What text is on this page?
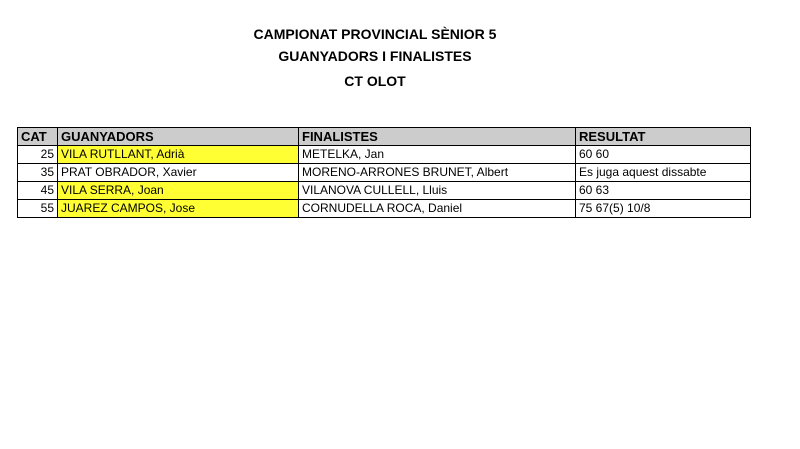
CAMPIONAT PROVINCIAL SÈNIOR 5
GUANYADORS I FINALISTES
CT OLOT
CAT	GUANYADORS	FINALISTES	RESULTAT
25	VILA RUTLLANT, Adrià	METELKA, Jan	60 60
35	PRAT OBRADOR, Xavier	MORENO-ARRONES BRUNET, Albert	Es juga aquest dissabte
45	VILA SERRA, Joan	VILANOVA CULLELL, Lluis	60 63
55	JUAREZ CAMPOS, Jose	CORNUDELLA ROCA, Daniel	75 67(5) 10/8
